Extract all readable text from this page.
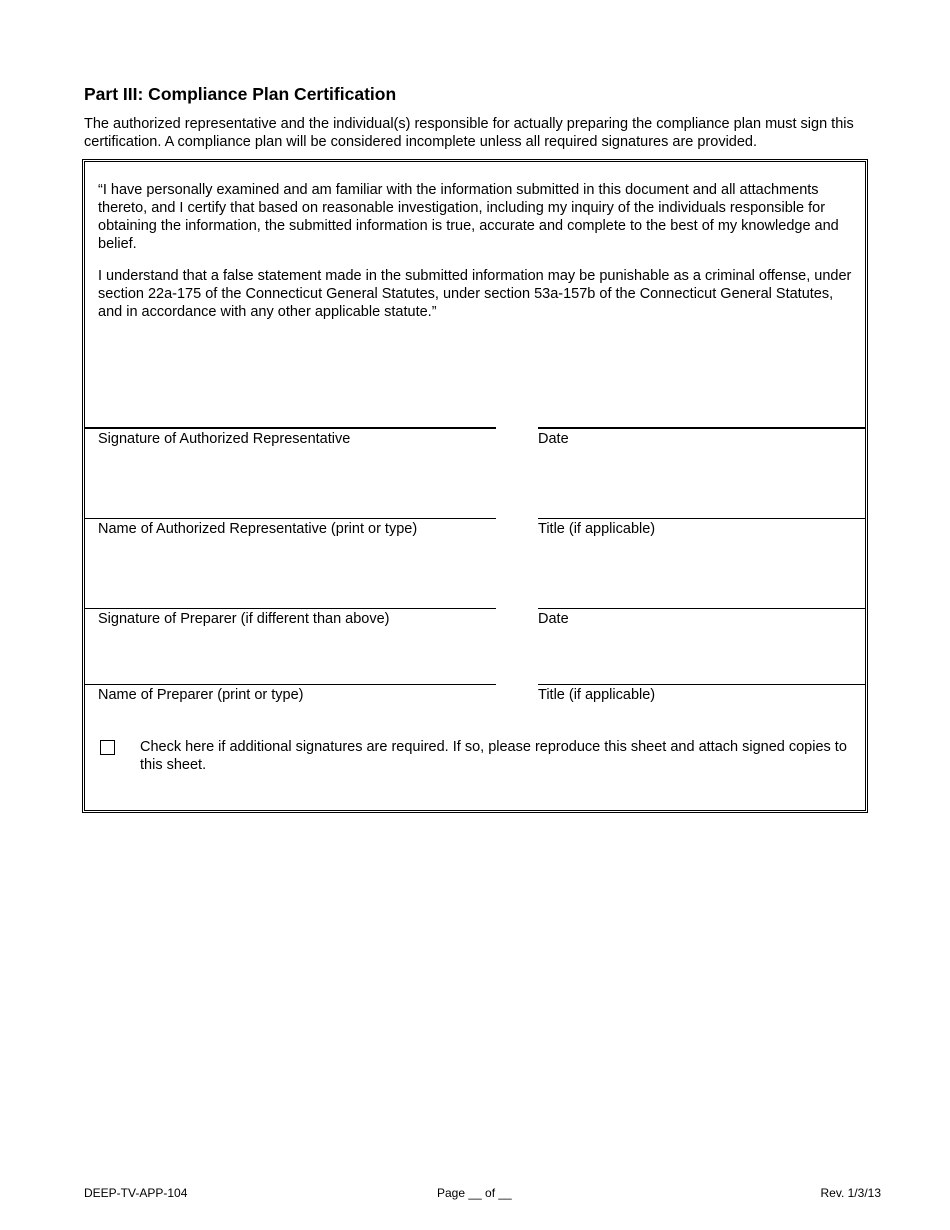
Part III: Compliance Plan Certification

The authorized representative and the individual(s) responsible for actually preparing the compliance plan must sign this certification. A compliance plan will be considered incomplete unless all required signatures are provided.

“I have personally examined and am familiar with the information submitted in this document and all attachments thereto, and I certify that based on reasonable investigation, including my inquiry of the individuals responsible for obtaining the information, the submitted information is true, accurate and complete to the best of my knowledge and belief.

I understand that a false statement made in the submitted information may be punishable as a criminal offense, under section 22a-175 of the Connecticut General Statutes, under section 53a-157b of the Connecticut General Statutes, and in accordance with any other applicable statute.”

Signature of Authorized Representative	Date
Name of Authorized Representative (print or type)	Title (if applicable)
Signature of Preparer (if different than above)	Date
Name of Preparer (print or type)	Title (if applicable)

Check here if additional signatures are required. If so, please reproduce this sheet and attach signed copies to this sheet.

DEEP-TV-APP-104	Page __ of __	Rev. 1/3/13
